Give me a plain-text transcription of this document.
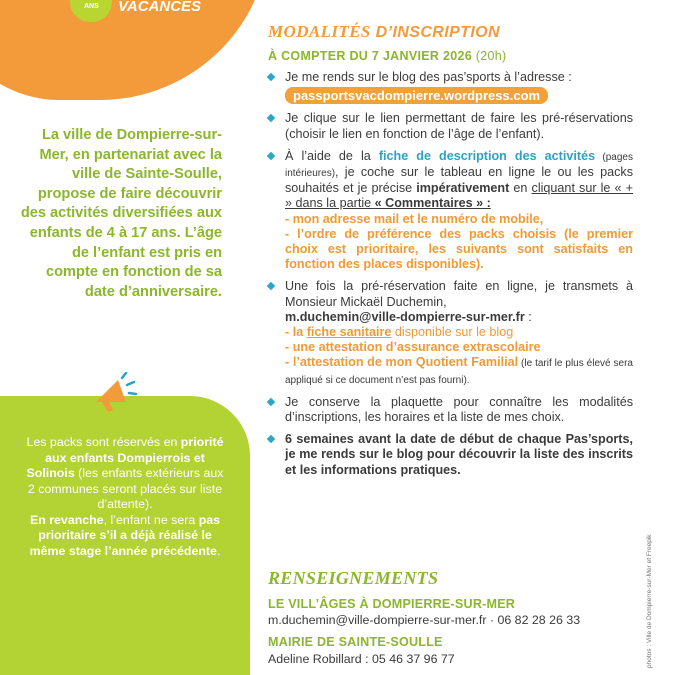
ANS VACANCES

La ville de Dompierre-sur-Mer, en partenariat avec la ville de Sainte-Soulle, propose de faire découvrir des activités diversifiées aux enfants de 4 à 17 ans. L’âge de l’enfant est pris en compte en fonction de sa date d’anniversaire.

Les packs sont réservés en priorité aux enfants Dompierrois et Solinois (les enfants extérieurs aux 2 communes seront placés sur liste d’attente).
En revanche, l’enfant ne sera pas prioritaire s’il a déjà réalisé le même stage l’année précédente.

MODALITÉS D’INSCRIPTION
À COMPTER DU 7 JANVIER 2026 (20h)
Je me rends sur le blog des pas’sports à l’adresse :
passportsvacdompierre.wordpress.com
Je clique sur le lien permettant de faire les pré-réservations (choisir le lien en fonction de l’âge de l’enfant).
À l’aide de la fiche de description des activités (pages intérieures), je coche sur le tableau en ligne le ou les packs souhaités et je précise impérativement en cliquant sur le « + » dans la partie « Commentaires » :
- mon adresse mail et le numéro de mobile,
- l’ordre de préférence des packs choisis (le premier choix est prioritaire, les suivants sont satisfaits en fonction des places disponibles).
Une fois la pré-réservation faite en ligne, je transmets à Monsieur Mickaël Duchemin,
m.duchemin@ville-dompierre-sur-mer.fr :
- la fiche sanitaire disponible sur le blog
- une attestation d’assurance extrascolaire
- l’attestation de mon Quotient Familial (le tarif le plus élevé sera appliqué si ce document n’est pas fourni).
Je conserve la plaquette pour connaître les modalités d’inscriptions, les horaires et la liste de mes choix.
6 semaines avant la date de début de chaque Pas’sports, je me rends sur le blog pour découvrir la liste des inscrits et les informations pratiques.
RENSEIGNEMENTS
LE VILL’ÂGES À DOMPIERRE-SUR-MER
m.duchemin@ville-dompierre-sur-mer.fr · 06 82 28 26 33
MAIRIE DE SAINTE-SOULLE
Adeline Robillard : 05 46 37 96 77	photos : Ville de Dompierre-sur-Mer et Freepik
